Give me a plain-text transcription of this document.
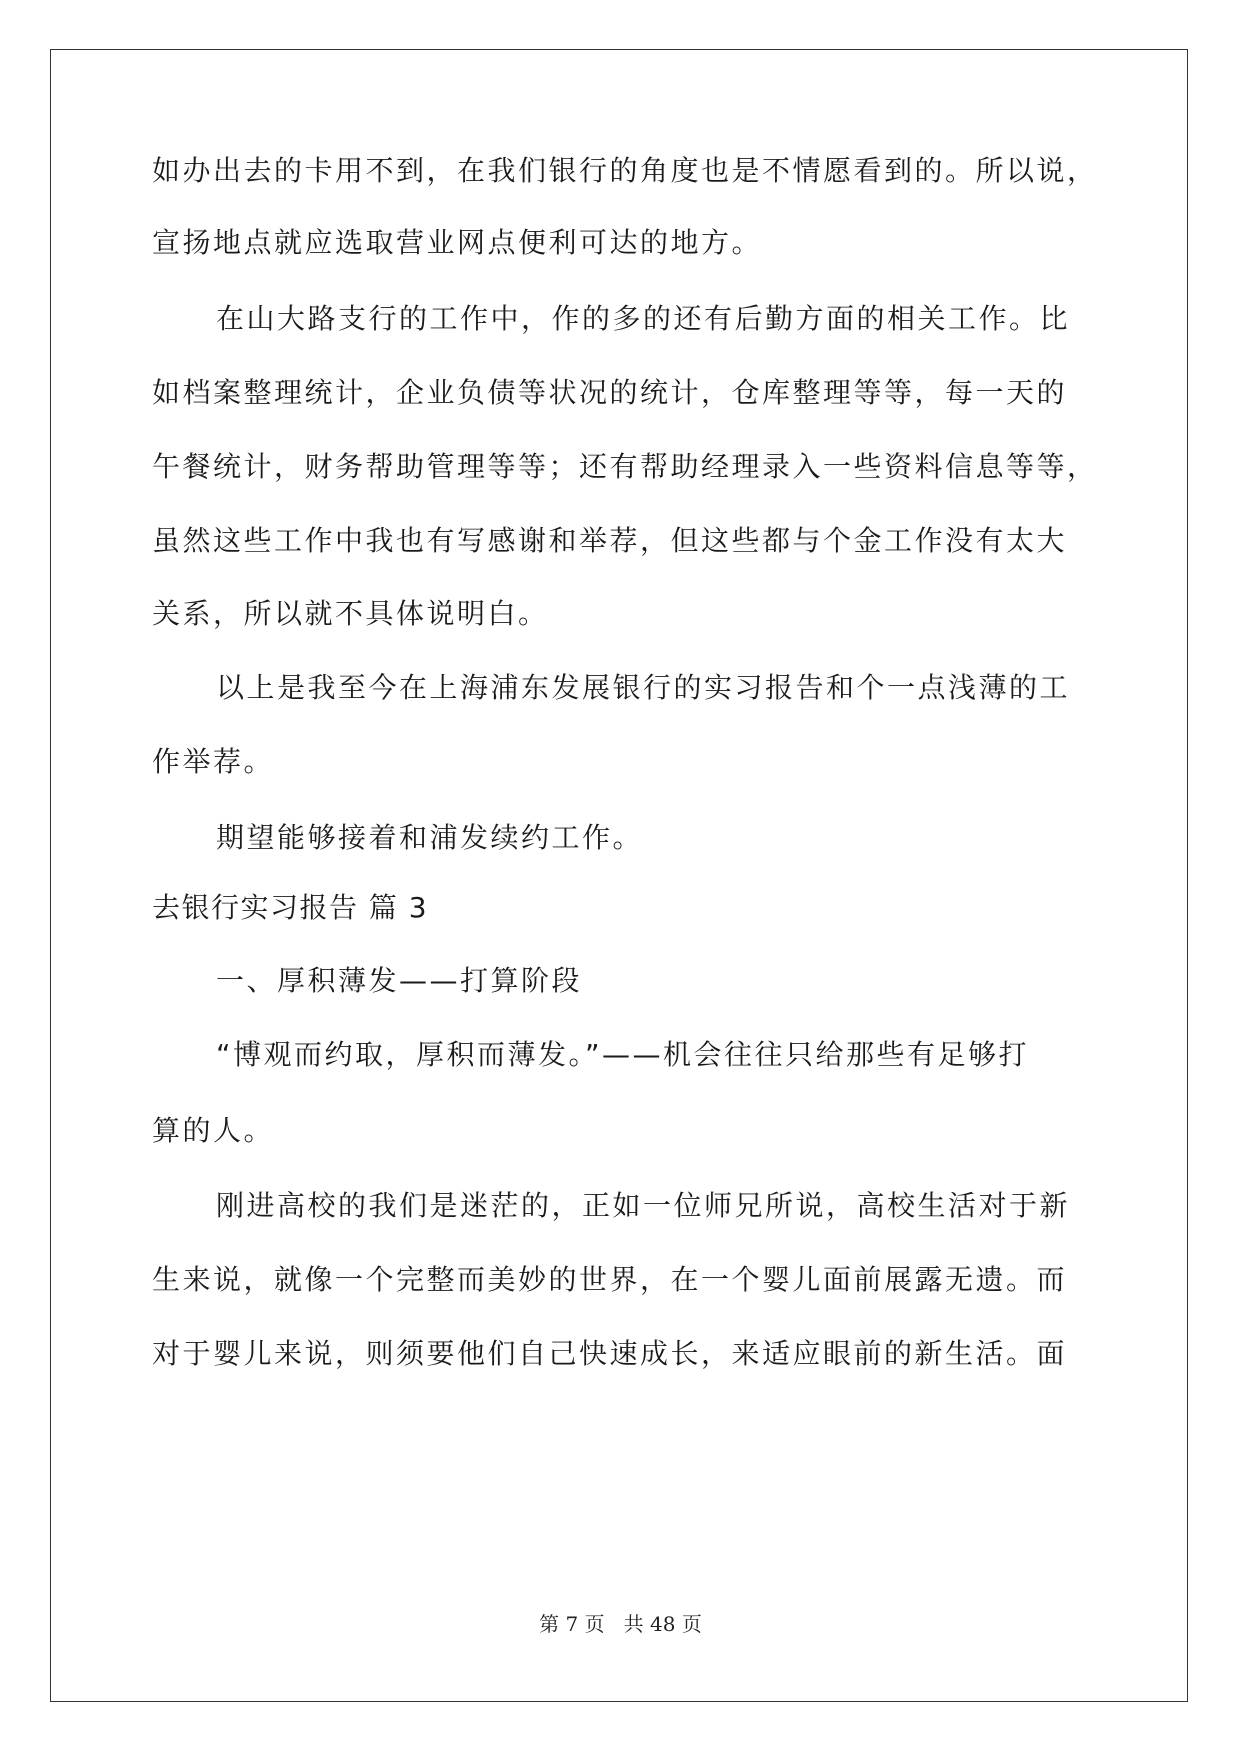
如办出去的卡用不到，在我们银行的角度也是不情愿看到的。所以说，
宣扬地点就应选取营业网点便利可达的地方。
在山大路支行的工作中，作的多的还有后勤方面的相关工作。比
如档案整理统计，企业负债等状况的统计，仓库整理等等，每一天的
午餐统计，财务帮助管理等等；还有帮助经理录入一些资料信息等等，
虽然这些工作中我也有写感谢和举荐，但这些都与个金工作没有太大
关系，所以就不具体说明白。
以上是我至今在上海浦东发展银行的实习报告和个一点浅薄的工
作举荐。
期望能够接着和浦发续约工作。
去银行实习报告 篇 3
一、厚积薄发——打算阶段
“博观而约取，厚积而薄发。”——机会往往只给那些有足够打
算的人。
刚进高校的我们是迷茫的，正如一位师兄所说，高校生活对于新
生来说，就像一个完整而美妙的世界，在一个婴儿面前展露无遗。而
对于婴儿来说，则须要他们自己快速成长，来适应眼前的新生活。面
第 7 页   共 48 页
